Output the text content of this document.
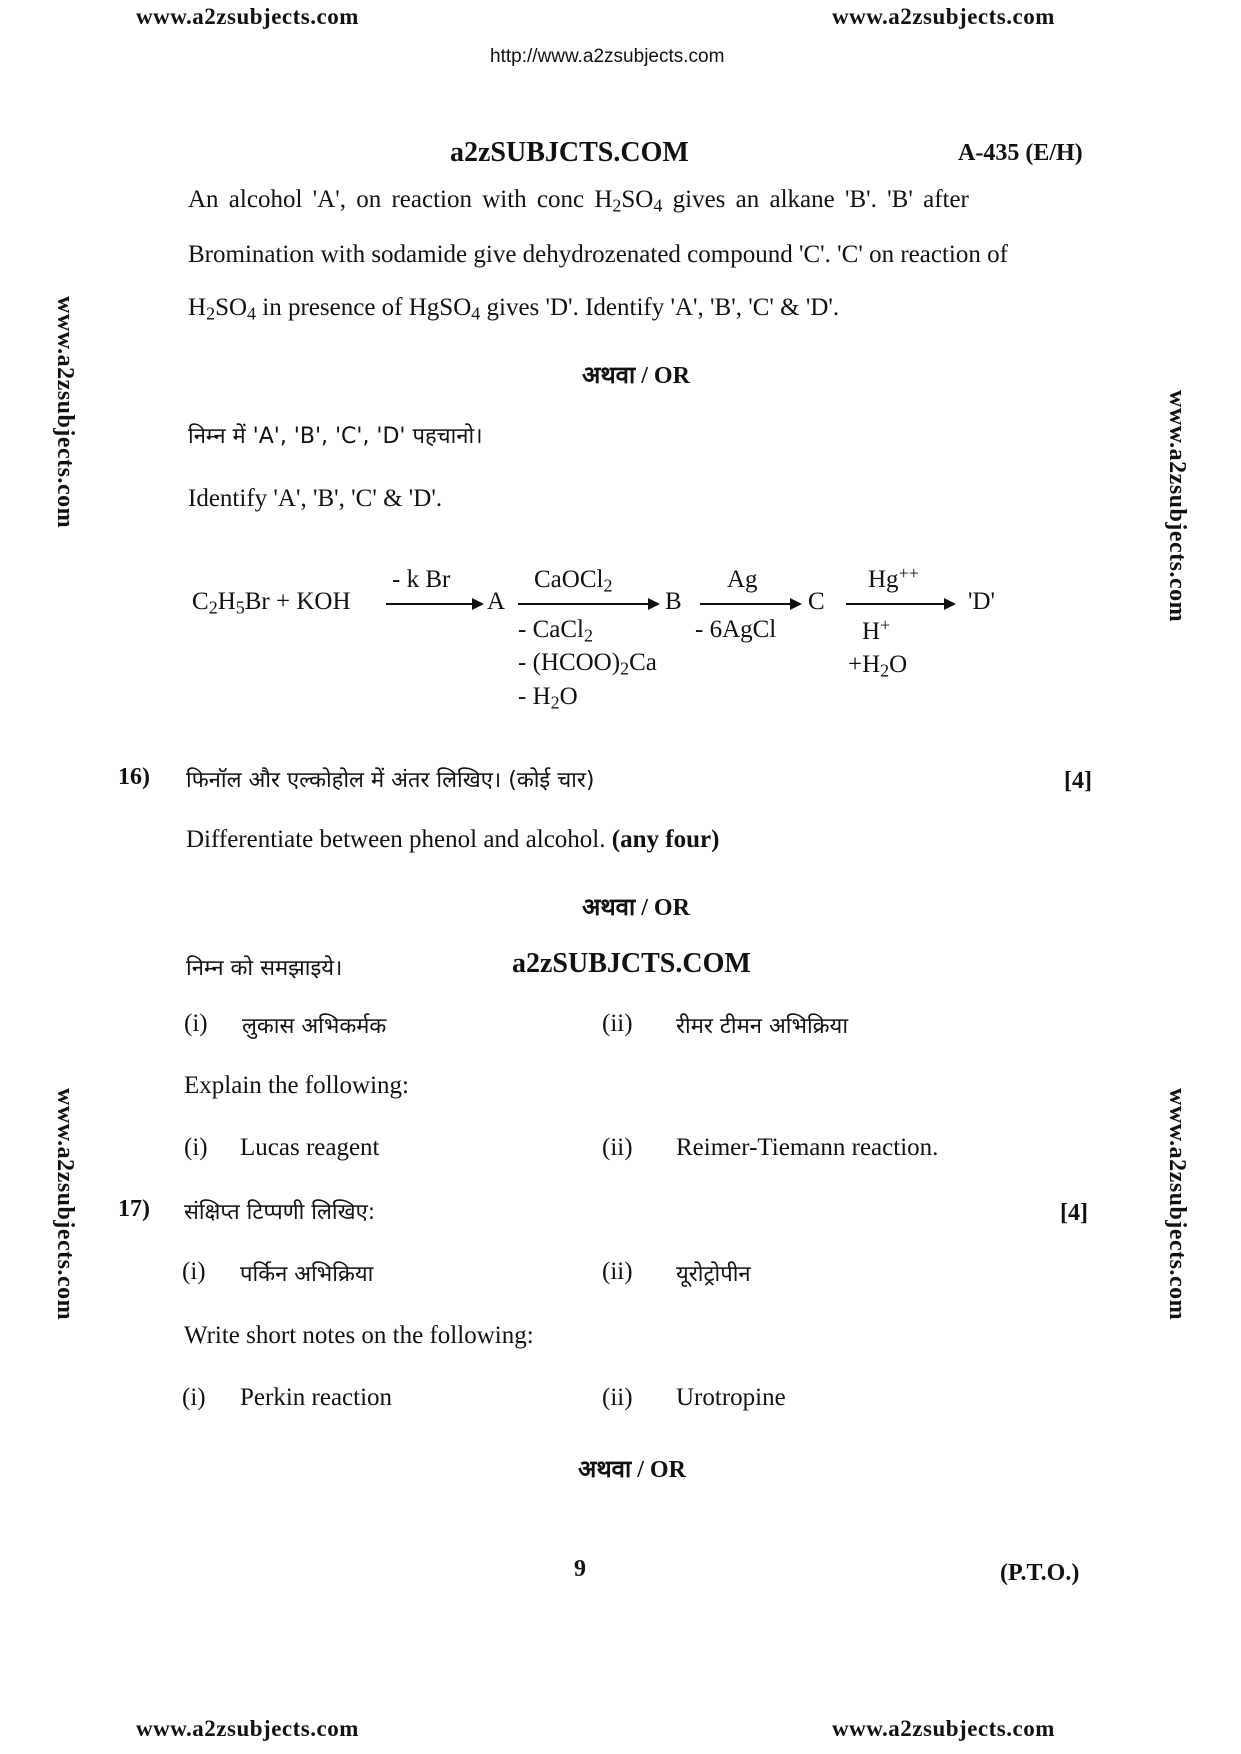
www.a2zsubjects.com	www.a2zsubjects.com
http://www.a2zsubjects.com
a2zSUBJCTS.COM	A-435 (E/H)
www.a2zsubjects.com
www.a2zsubjects.com
www.a2zsubjects.com
www.a2zsubjects.com
An alcohol 'A', on reaction with conc $H_2SO_4$ gives an alkane 'B'. 'B' after
Bromination with sodamide give dehydrozenated compound 'C'. 'C' on reaction of
$H_2SO_4$ in presence of HgSO$_4$ gives 'D'. Identify 'A', 'B', 'C' & 'D'.
अथवा / OR
निम्न में 'A', 'B', 'C', 'D' पहचानो।
Identify 'A', 'B', 'C' & 'D'.
$C_2H_5Br$ + KOH
- k Br
A
CaOCl$_2$
- CaCl$_2$
- $(HCOO)_2Ca$
- $H_2O$
B
Ag
- 6AgCl
C
Hg++
H+
$+H_2O$
'D'
16) फिनॉल और एल्कोहोल में अंतर लिखिए। (कोई चार)	[4]
Differentiate between phenol and alcohol. (any four)
अथवा / OR
निम्न को समझाइये।	a2zSUBJCTS.COM
(i) लुकास अभिकर्मक	(ii) रीमर टीमन अभिक्रिया
Explain the following:
(i) Lucas reagent	(ii) Reimer-Tiemann reaction.
17) संक्षिप्त टिप्पणी लिखिए:	[4]
(i) पर्किन अभिक्रिया	(ii) यूरोट्रोपीन
Write short notes on the following:
(i) Perkin reaction	(ii) Urotropine
अथवा / OR
9	(P.T.O.)
www.a2zsubjects.com	www.a2zsubjects.com
